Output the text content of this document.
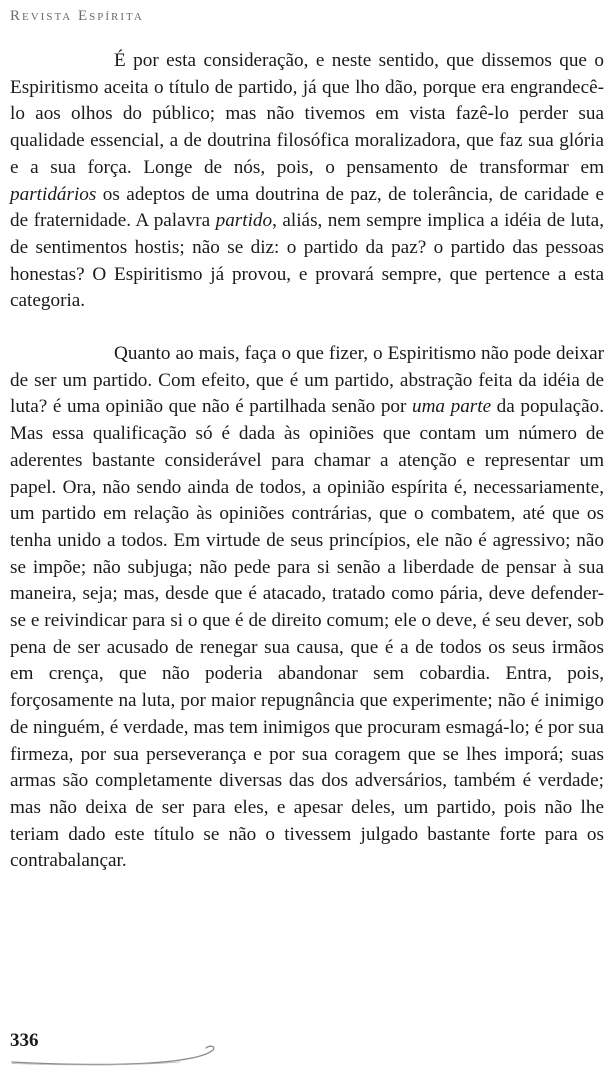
Revista Espírita

É por esta consideração, e neste sentido, que dissemos que o Espiritismo aceita o título de partido, já que lho dão, porque era engrandecê-lo aos olhos do público; mas não tivemos em vista fazê-lo perder sua qualidade essencial, a de doutrina filosófica moralizadora, que faz sua glória e a sua força. Longe de nós, pois, o pensamento de transformar em partidários os adeptos de uma doutrina de paz, de tolerância, de caridade e de fraternidade. A palavra partido, aliás, nem sempre implica a idéia de luta, de sentimentos hostis; não se diz: o partido da paz? o partido das pessoas honestas? O Espiritismo já provou, e provará sempre, que pertence a esta categoria.

Quanto ao mais, faça o que fizer, o Espiritismo não pode deixar de ser um partido. Com efeito, que é um partido, abstração feita da idéia de luta? é uma opinião que não é partilhada senão por uma parte da população. Mas essa qualificação só é dada às opiniões que contam um número de aderentes bastante considerável para chamar a atenção e representar um papel. Ora, não sendo ainda de todos, a opinião espírita é, necessariamente, um partido em relação às opiniões contrárias, que o combatem, até que os tenha unido a todos. Em virtude de seus princípios, ele não é agressivo; não se impõe; não subjuga; não pede para si senão a liberdade de pensar à sua maneira, seja; mas, desde que é atacado, tratado como pária, deve defender-se e reivindicar para si o que é de direito comum; ele o deve, é seu dever, sob pena de ser acusado de renegar sua causa, que é a de todos os seus irmãos em crença, que não poderia abandonar sem cobardia. Entra, pois, forçosamente na luta, por maior repugnância que experimente; não é inimigo de ninguém, é verdade, mas tem inimigos que procuram esmagá-lo; é por sua firmeza, por sua perseverança e por sua coragem que se lhes imporá; suas armas são completamente diversas das dos adversários, também é verdade; mas não deixa de ser para eles, e apesar deles, um partido, pois não lhe teriam dado este título se não o tivessem julgado bastante forte para os contrabalançar.

336
